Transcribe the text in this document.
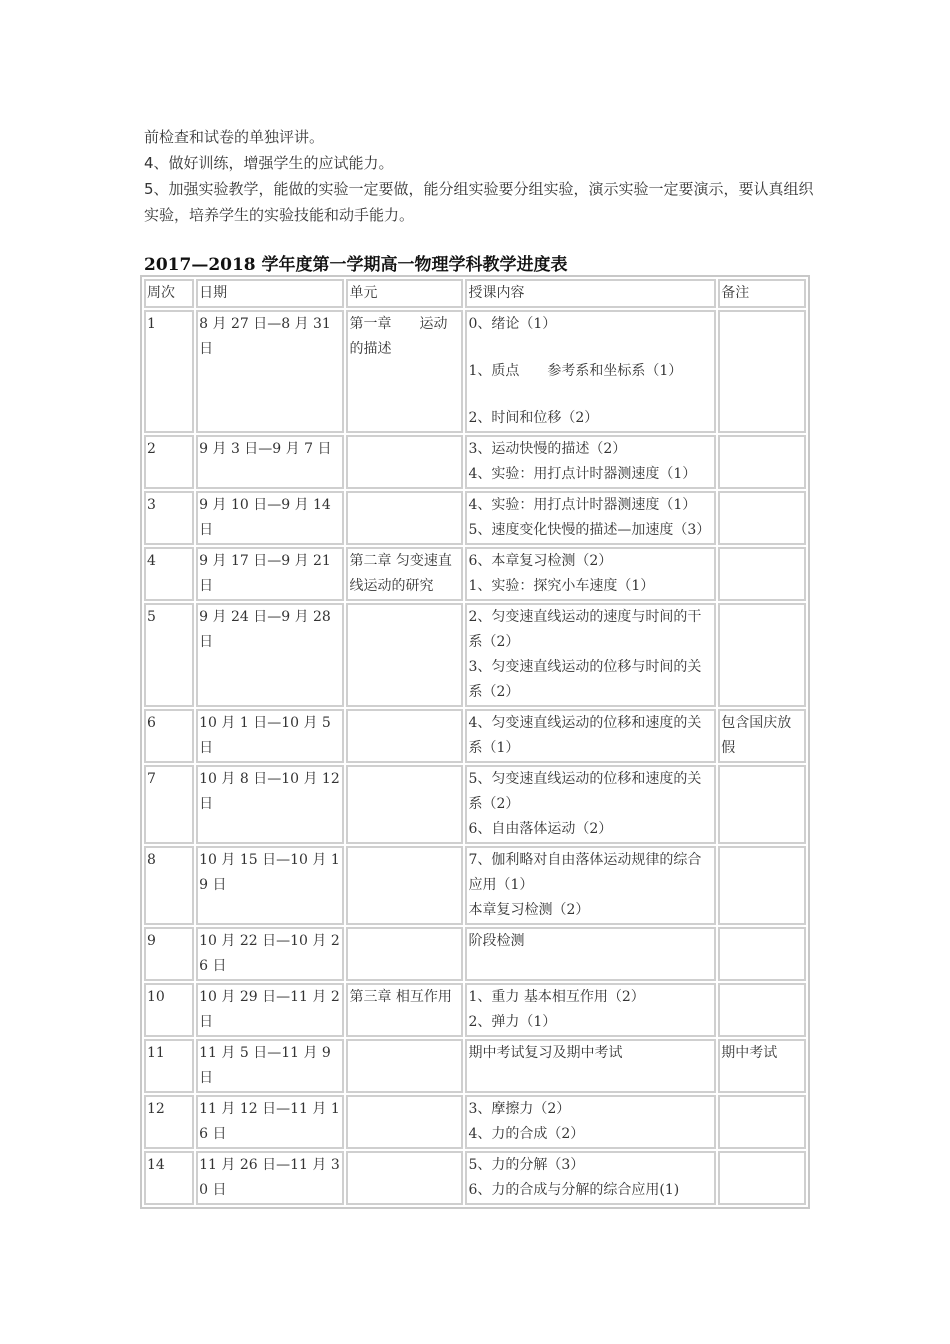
前检查和试卷的单独评讲。
4、做好训练，增强学生的应试能力。
5、加强实验教学，能做的实验一定要做，能分组实验要分组实验，演示实验一定要演示，要认真组织实验，培养学生的实验技能和动手能力。
2017—2018 学年度第一学期高一物理学科教学进度表
周次	日期	单元	授课内容	备注
1	8 月 27 日—8 月 31 日	第一章　　运动的描述	0、绪论（1）
1、质点　　参考系和坐标系（1）
2、时间和位移（2）	

2	9 月 3 日—9 月 7 日		3、运动快慢的描述（2）
4、实验：用打点计时器测速度（1）	

3	9 月 10 日—9 月 14 日		4、实验：用打点计时器测速度（1）
5、速度变化快慢的描述—加速度（3）	

4	9 月 17 日—9 月 21 日	第二章 匀变速直线运动的研究	6、本章复习检测（2）
1、实验：探究小车速度（1）	

5	9 月 24 日—9 月 28 日		2、匀变速直线运动的速度与时间的干系（2）
3、匀变速直线运动的位移与时间的关系（2）	

6	10 月 1 日—10 月 5 日		4、匀变速直线运动的位移和速度的关系（1）	包含国庆放假
7	10 月 8 日—10 月 12 日		5、匀变速直线运动的位移和速度的关系（2）
6、自由落体运动（2）	

8	10 月 15 日—10 月 19 日		7、伽利略对自由落体运动规律的综合应用（1）
本章复习检测（2）	

9	10 月 22 日—10 月 26 日		阶段检测	

10	10 月 29 日—11 月 2 日	第三章 相互作用	1、重力 基本相互作用（2）
2、弹力（1）	

11	11 月 5 日—11 月 9 日		期中考试复习及期中考试	期中考试
12	11 月 12 日—11 月 16 日		3、摩擦力（2）
4、力的合成（2）	

14	11 月 26 日—11 月 30 日		5、力的分解（3）
6、力的合成与分解的综合应用(1)	
